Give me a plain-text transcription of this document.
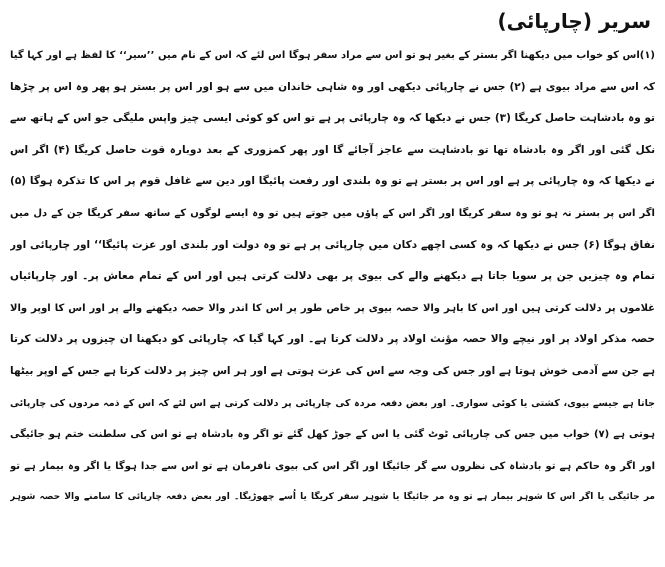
سریر (چارپائی)
(۱)اس کو خواب میں دیکھنا اگر بستر کے بغیر ہو تو اس سے مراد سفر ہوگا اس لئے کہ اس کے نام میں ’’سیر‘‘ کا لفظ ہے اور کہا گیا
کہ اس سے مراد بیوی ہے (۲) جس نے چارپائی دیکھی اور وہ شاہی خاندان میں سے ہو اور اس پر بستر ہو پھر وہ اس پر چڑھا
تو وہ بادشاہت حاصل کریگا (۳) جس نے دیکھا کہ وہ چارپائی پر ہے تو اس کو کوئی ایسی چیز واپس ملیگی جو اس کے ہاتھ سے
نکل گئی اور اگر وہ بادشاہ تھا تو بادشاہت سے عاجز آجائے گا اور پھر کمزوری کے بعد دوبارہ قوت حاصل کریگا (۴) اگر اس
نے دیکھا کہ وہ چارپائی پر ہے اور اس پر بستر ہے تو وہ بلندی اور رفعت پائیگا اور دین سے غافل قوم پر اس کا تذکرہ ہوگا (۵)
اگر اس پر بستر نہ ہو تو وہ سفر کریگا اور اگر اس کے پاؤں میں جوتے ہیں تو وہ ایسے لوگوں کے ساتھ سفر کریگا جن کے دل میں
نفاق ہوگا (۶) جس نے دیکھا کہ وہ کسی اچھے دکان میں چارپائی پر ہے تو وہ دولت اور بلندی اور عزت پائیگا‘‘ اور چارپائی اور
تمام وہ چیزیں جن پر سویا جاتا ہے دیکھنے والے کی بیوی پر بھی دلالت کرتی ہیں اور اس کے تمام معاش پر۔ اور چارپائیاں
غلاموں پر دلالت کرتی ہیں اور اس کا باہر والا حصہ بیوی پر خاص طور پر اس کا اندر والا حصہ دیکھنے والے پر اور اس کا اوپر والا
حصہ مذکر اولاد پر اور نیچے والا حصہ مؤنث اولاد پر دلالت کرتا ہے۔ اور کہا گیا کہ چارپائی کو دیکھنا ان چیزوں پر دلالت کرتا
ہے جن سے آدمی خوش ہوتا ہے اور جس کی وجہ سے اس کی عزت ہوتی ہے اور ہر اس چیز پر دلالت کرتا ہے جس کے اوپر بیٹھا
جاتا ہے جیسے بیوی، کشتی یا کوئی سواری۔ اور بعض دفعہ مردہ کی چارپائی پر دلالت کرتی ہے اس لئے کہ اس کے ذمہ مردوں کی چارپائی
ہوتی ہے (۷) خواب میں جس کی چارپائی ٹوٹ گئی یا اس کے جوڑ کھل گئے تو اگر وہ بادشاہ ہے تو اس کی سلطنت ختم ہو جائیگی
اور اگر وہ حاکم ہے تو بادشاہ کی نظروں سے گر جائیگا اور اگر اس کی بیوی نافرمان ہے تو اس سے جدا ہوگا یا اگر وہ بیمار ہے تو
مر جائیگی یا اگر اس کا شوہر بیمار ہے تو وہ مر جائیگا یا شوہر سفر کریگا یا اُسے چھوڑیگا۔ اور بعض دفعہ چارپائی کا سامنے والا حصہ شوہر
